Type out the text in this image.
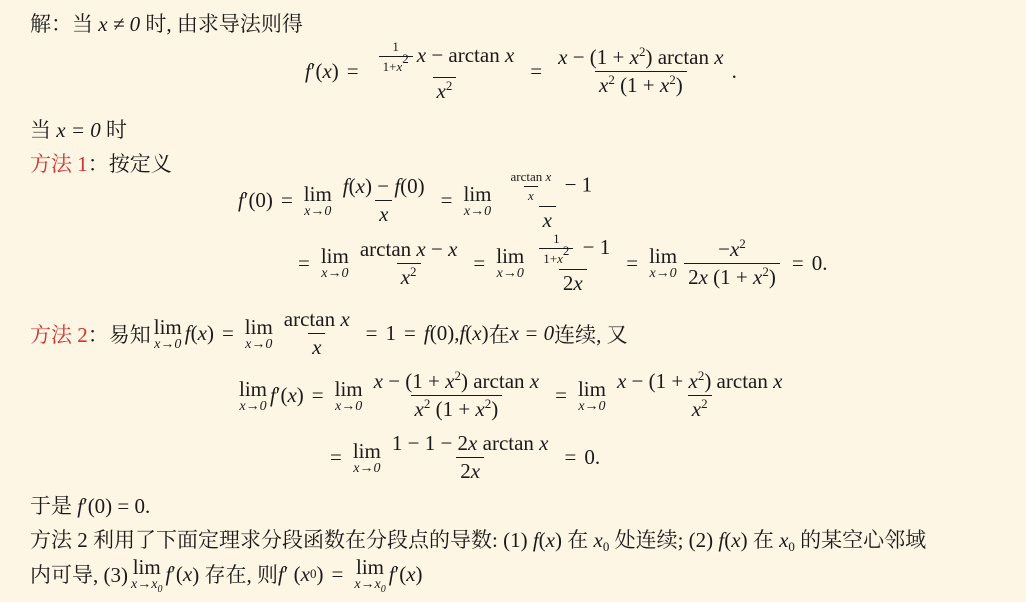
解：当 x ≠ 0 时, 由求导法则得
f ′( x ) = $\frac{\frac{1}{1+x^2} x - \arctan x}{x^2} = \frac{x - (1 + x^2) \arctan x}{x^2 (1 + x^2)}$ .
当 x = 0 时
方法 1：按定义
f ′(0) = lim
$x\to 0 \frac{f(x) - f(0)}{x} = \lim$
$x\to 0 \frac{\frac{\text{arctan x}}{x} - 1}{x}$
= lim
$x\to 0 \frac{\text{arctan x − x}}{x^2} = \lim$
$x\to 0 \frac{\frac{1}{1+x^2} - 1}{2x} = \lim$
$x\to 0 \frac{-x^2}{2x (1 + x^2)} = 0$.
方法 2 ：易知 lim
x→0 f ( x ) = lim
$x\to 0 \frac{\text{arctan x}}{x} = 1 = f$ (0), f ( x ) 在 x = 0 连续, 又
lim
x→0 f ′( x ) = lim
$x\to 0 \frac{x - (1 + x^2) \arctan x}{x^2 (1 + x^2)} = \lim$
$x\to 0 \frac{x - (1 + x^2) \arctan x}{x^2}$
= lim
$x\to 0 \frac{\text{1 − 1 − 2x arctan x}}{2x} = 0$.
于是 f′(0) = 0.
方法 2 利用了下面定理求分段函数在分段点的导数: (1) f(x) 在 $x_0$ 处连续; (2) f(x) 在 $x_0$ 的某空心邻域
内可导, (3) lim
$x\to x_0$
f ′( x ) 存在, 则 f ′ ( x 0 ) = lim
$x\to x_0$
f ′( x )
